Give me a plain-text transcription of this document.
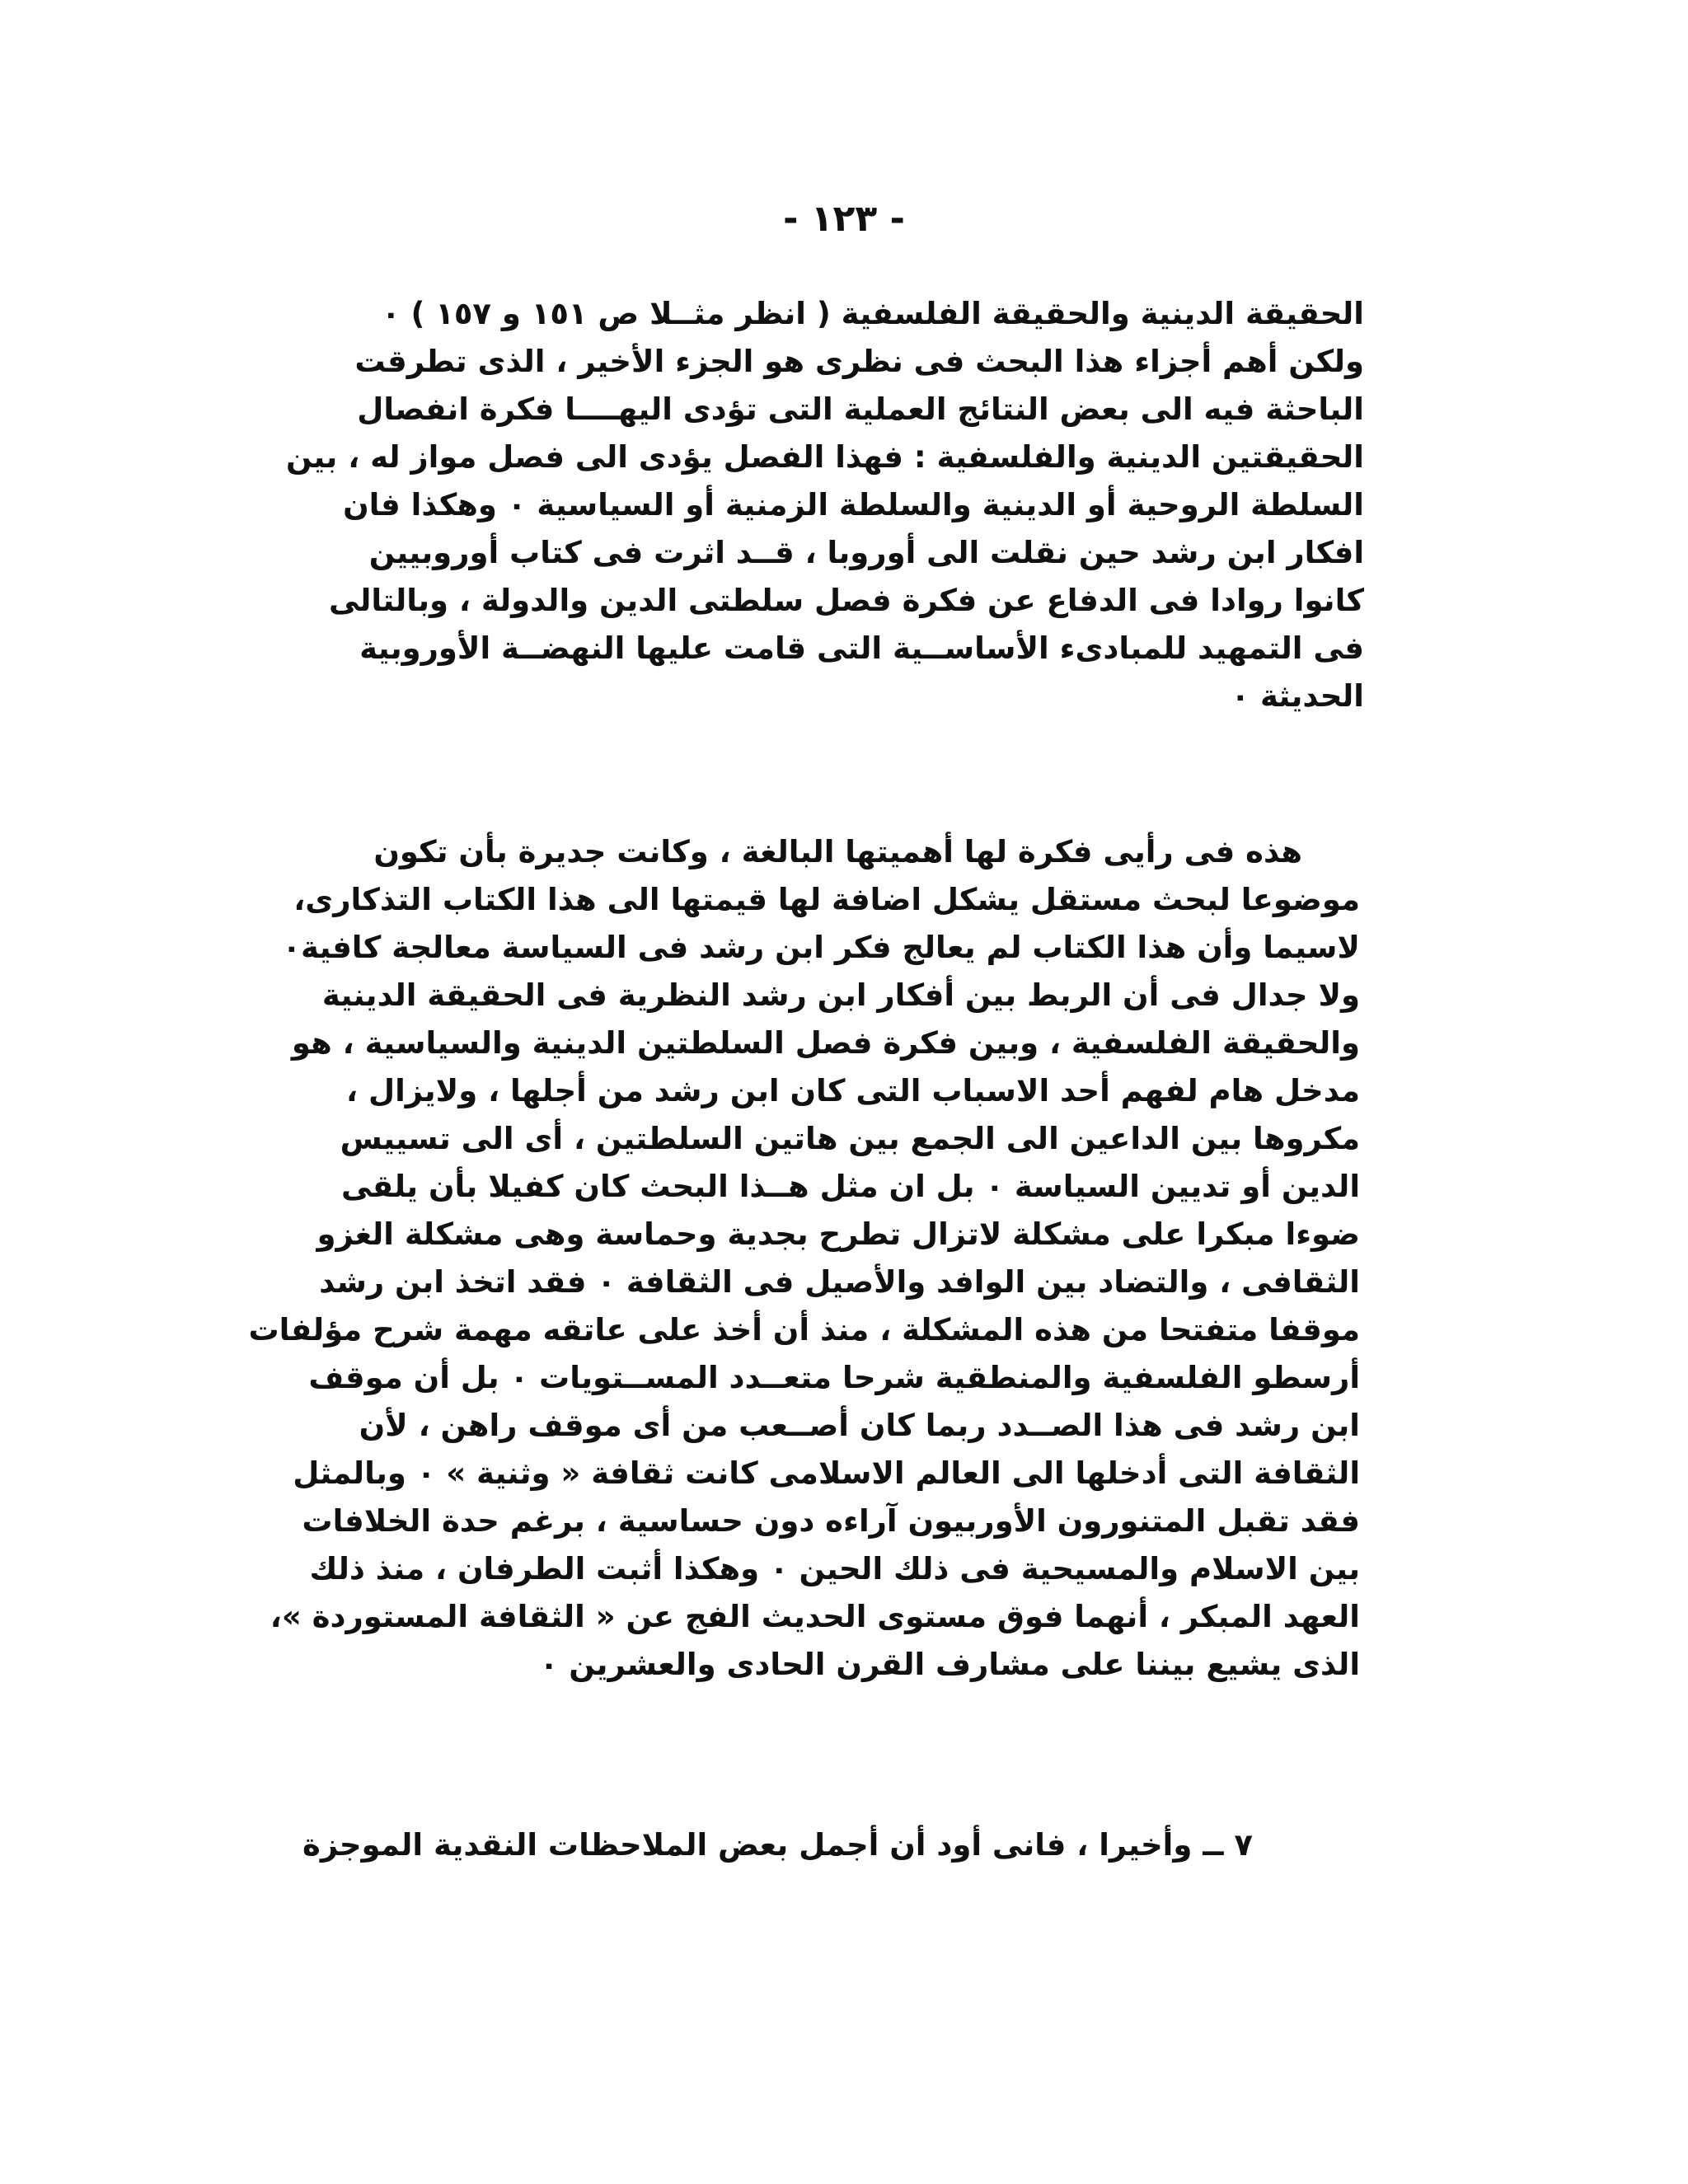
- ١٢٣ -
الحقيقة الدينية والحقيقة الفلسفية ( انظر مثــلا ص ١٥١ و ١٥٧ ) ٠
ولكن أهم أجزاء هذا البحث فى نظرى هو الجزء الأخير ، الذى تطرقت
الباحثة فيه الى بعض النتائج العملية التى تؤدى اليهــــا فكرة انفصال
الحقيقتين الدينية والفلسفية : فهذا الفصل يؤدى الى فصل مواز له ، بين
السلطة الروحية أو الدينية والسلطة الزمنية أو السياسية ٠ وهكذا فان
افكار ابن رشد حين نقلت الى أوروبا ، قــد اثرت فى كتاب أوروبيين
كانوا روادا فى الدفاع عن فكرة فصل سلطتى الدين والدولة ، وبالتالى
فى التمهيد للمبادىء الأساســية التى قامت عليها النهضــة الأوروبية
الحديثة ٠
هذه فى رأيى فكرة لها أهميتها البالغة ، وكانت جديرة بأن تكون
موضوعا لبحث مستقل يشكل اضافة لها قيمتها الى هذا الكتاب التذكارى،
لاسيما وأن هذا الكتاب لم يعالج فكر ابن رشد فى السياسة معالجة كافية٠
ولا جدال فى أن الربط بين أفكار ابن رشد النظرية فى الحقيقة الدينية
والحقيقة الفلسفية ، وبين فكرة فصل السلطتين الدينية والسياسية ، هو
مدخل هام لفهم أحد الاسباب التى كان ابن رشد من أجلها ، ولايزال ،
مكروها بين الداعين الى الجمع بين هاتين السلطتين ، أى الى تسييس
الدين أو تديين السياسة ٠ بل ان مثل هــذا البحث كان كفيلا بأن يلقى
ضوءا مبكرا على مشكلة لاتزال تطرح بجدية وحماسة وهى مشكلة الغزو
الثقافى ، والتضاد بين الوافد والأصيل فى الثقافة ٠ فقد اتخذ ابن رشد
موقفا متفتحا من هذه المشكلة ، منذ أن أخذ على عاتقه مهمة شرح مؤلفات
أرسطو الفلسفية والمنطقية شرحا متعــدد المســتويات ٠ بل أن موقف
ابن رشد فى هذا الصــدد ربما كان أصــعب من أى موقف راهن ، لأن
الثقافة التى أدخلها الى العالم الاسلامى كانت ثقافة « وثنية » ٠ وبالمثل
فقد تقبل المتنورون الأوربيون آراءه دون حساسية ، برغم حدة الخلافات
بين الاسلام والمسيحية فى ذلك الحين ٠ وهكذا أثبت الطرفان ، منذ ذلك
العهد المبكر ، أنهما فوق مستوى الحديث الفج عن « الثقافة المستوردة »،
الذى يشيع بيننا على مشارف القرن الحادى والعشرين ٠
٧ ــ وأخيرا ، فانى أود أن أجمل بعض الملاحظات النقدية الموجزة
